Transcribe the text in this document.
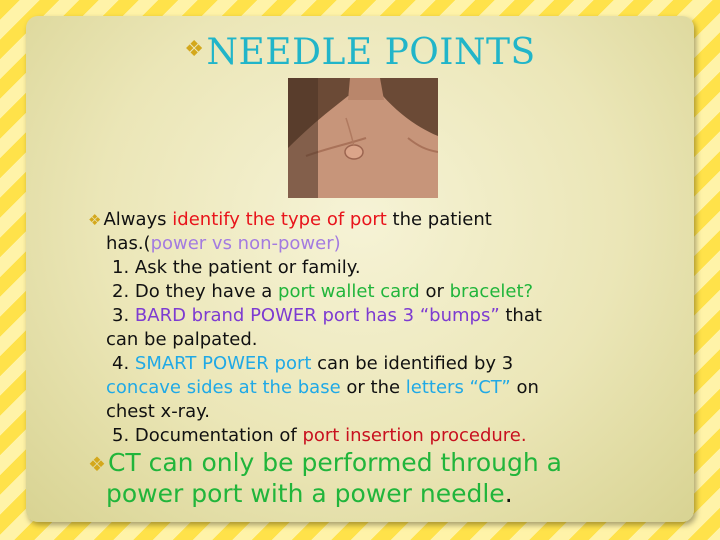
❖NEEDLE POINTS
❖ Always identify the type of port the patient
has.(power vs non-power)
1. Ask the patient or family.
2. Do they have a port wallet card or bracelet?
3. BARD brand POWER port has 3 “bumps” that
can be palpated.
4. SMART POWER port can be identified by 3
concave sides at the base or the letters “CT” on
chest x-ray.
5. Documentation of port insertion procedure.
❖CT can only be performed through a
power port with a power needle.
